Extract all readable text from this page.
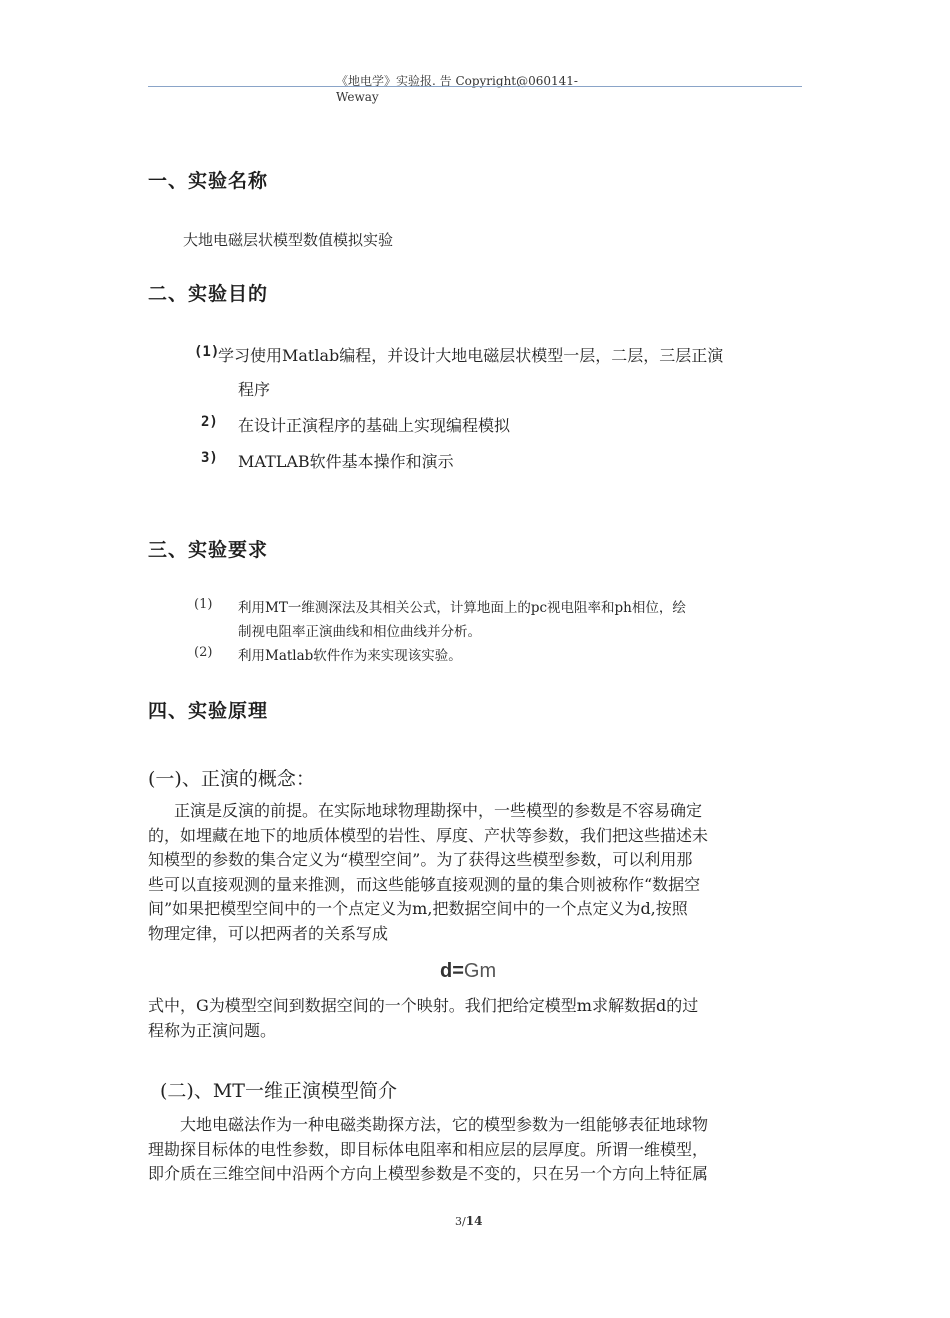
《地电学》实验报. 告 Copyright@060141-
Weway
一、实验名称
大地电磁层状模型数值模拟实验
二、实验目的
(1)
学习使用Matlab编程，并设计大地电磁层状模型一层，二层，三层正演
程序
2) 在设计正演程序的基础上实现编程模拟
3) MATLAB软件基本操作和演示
三、实验要求
(1) 利用MT一维测深法及其相关公式，计算地面上的pc视电阻率和ph相位，绘
制视电阻率正演曲线和相位曲线并分析。
(2) 利用Matlab软件作为来实现该实验。
四、实验原理
(一)、正演的概念：
正演是反演的前提。在实际地球物理勘探中，一些模型的参数是不容易确定
的，如埋藏在地下的地质体模型的岩性、厚度、产状等参数，我们把这些描述未
知模型的参数的集合定义为“模型空间”。为了获得这些模型参数，可以利用那
些可以直接观测的量来推测，而这些能够直接观测的量的集合则被称作“数据空
间”如果把模型空间中的一个点定义为m,把数据空间中的一个点定义为d,按照
物理定律，可以把两者的关系写成
d=Gm
式中，G为模型空间到数据空间的一个映射。我们把给定模型m求解数据d的过
程称为正演问题。
(二)、MT一维正演模型简介
大地电磁法作为一种电磁类勘探方法，它的模型参数为一组能够表征地球物
理勘探目标体的电性参数，即目标体电阻率和相应层的层厚度。所谓一维模型，
即介质在三维空间中沿两个方向上模型参数是不变的，只在另一个方向上特征属
3/14
